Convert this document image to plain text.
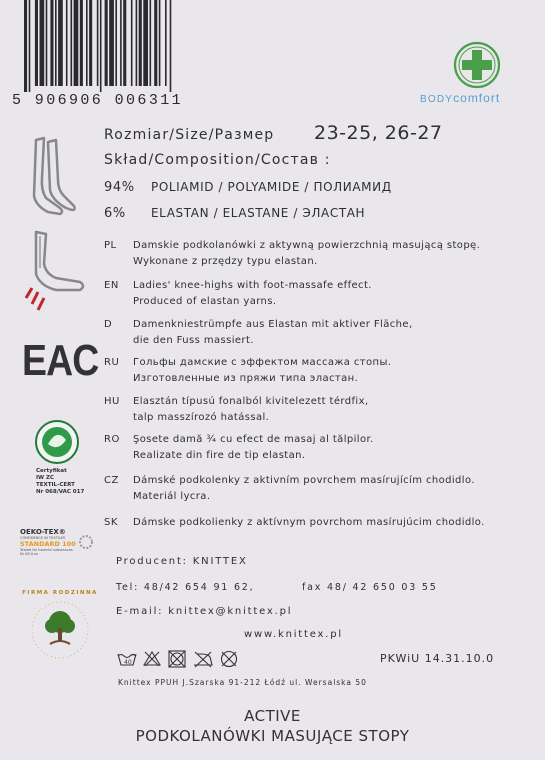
5 906906 006311	BODYcomfort
EAC
Certyfikat
IW ZC
TEXTIL-CERT
Nr 068/VAC 017
OEKO-TEX®
CONFIDENCE IN TEXTILES
STANDARD 100
Tested for harmful substances
Nr 08.0.xx
FIRMA RODZINNA
Rozmiar/Size/Размер 23-25, 26-27
Skład/Composition/Состав :
94% POLIAMID / POLYAMIDE / ПОЛИАМИД
6% ELASTAN / ELASTANE / ЭЛАСТАН
PL	Damskie podkolanówki z aktywną powierzchnią masującą stopę.
Wykonane z przędzy typu elastan.
EN	Ladies' knee-highs with foot-massafe effect.
Produced of elastan yarns.
D	Damenkniestrümpfe aus Elastan mit aktiver Fläche,
die den Fuss massiert.
RU	Гольфы дамские с эффектом массажа стопы.
Изготовленные из пряжи типа эластан.
HU	Elasztán típusú fonalból kivitelezett térdfix,
talp masszírozó hatással.
RO	Şosete damă ¾ cu efect de masaj al tălpilor.
Realizate din fire de tip elastan.
CZ	Dámské podkolenky z aktivním povrchem masírujícím chodidlo.
Materiál lycra.
SK	Dámske podkolienky z aktívnym povrchom masírujúcim chodidlo.
Producent: KNITTEX
Tel: 48/42 654 91 62,	fax 48/ 42 650 03 55
E-mail: knittex@knittex.pl
www.knittex.pl
40	PKWiU 14.31.10.0
Knittex PPUH J.Szarska 91-212 Łódź ul. Wersalska 50
ACTIVE
PODKOLANÓWKI MASUJĄCE STOPY
